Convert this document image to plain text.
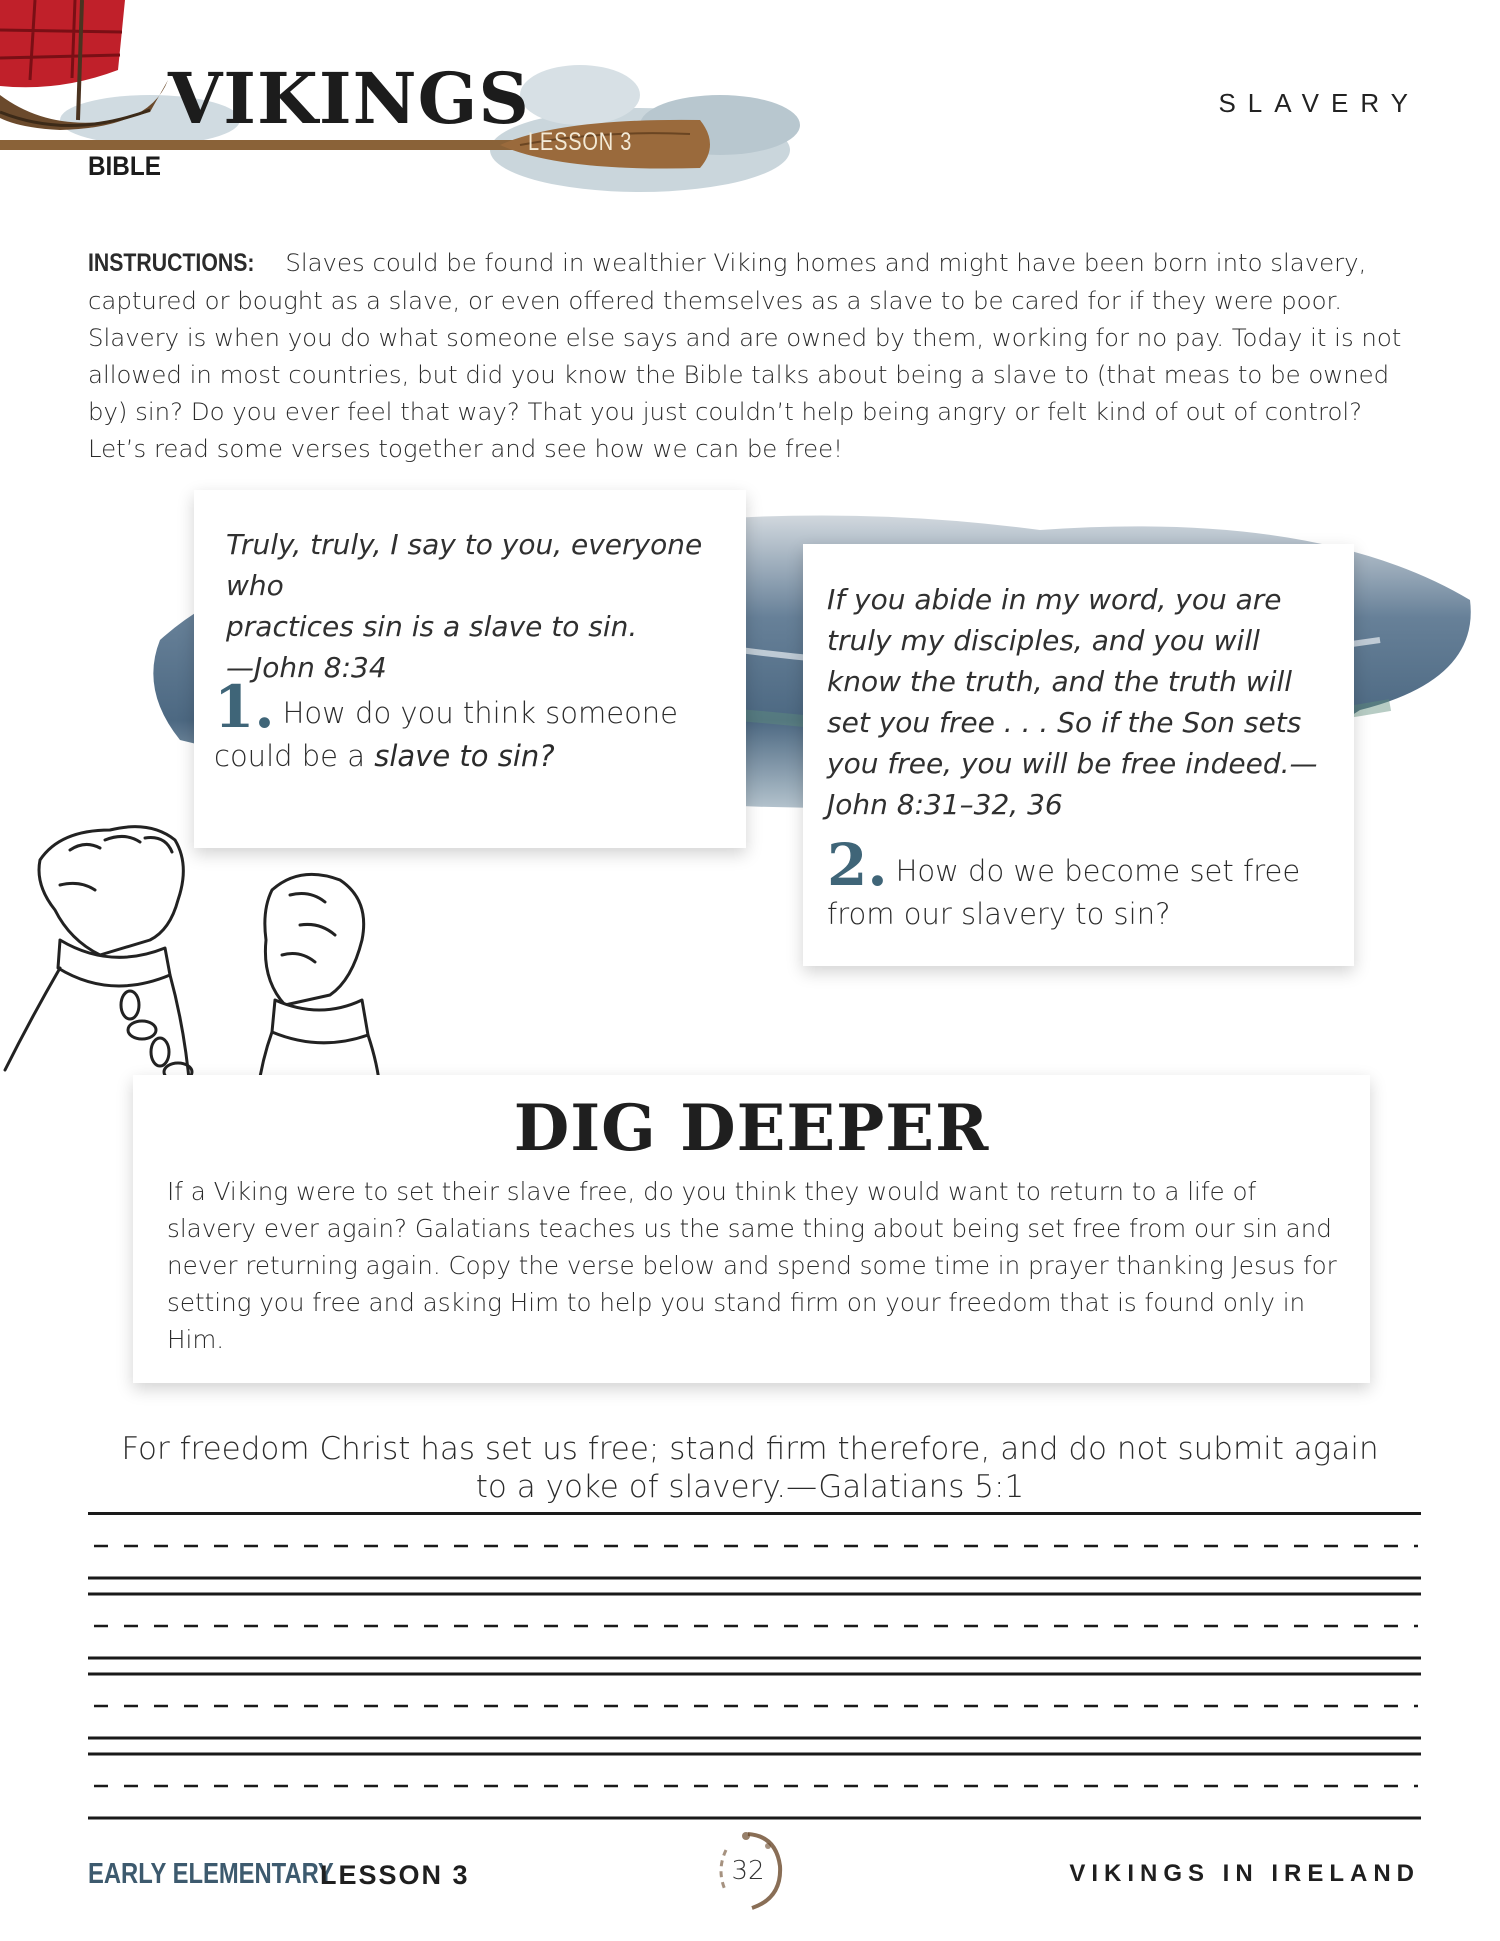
VIKINGS
BIBLE
LESSON 3
SLAVERY
INSTRUCTIONS: Slaves could be found in wealthier Viking homes and might have been born into slavery, captured or bought as a slave, or even offered themselves as a slave to be cared for if they were poor. Slavery is when you do what someone else says and are owned by them, working for no pay. Today it is not allowed in most countries, but did you know the Bible talks about being a slave to (that meas to be owned by) sin? Do you ever feel that way? That you just couldn’t help being angry or felt kind of out of control? Let’s read some verses together and see how we can be free!
Truly, truly, I say to you, everyone who
practices sin is a slave to sin.
—John 8:34
1. How do you think someone could be a slave to sin?
If you abide in my word, you are truly my disciples, and you will know the truth, and the truth will set you free . . . So if the Son sets you free, you will be free indeed.—John 8:31–32, 36
2. How do we become set free from our slavery to sin?
DIG DEEPER
If a Viking were to set their slave free, do you think they would want to return to a life of slavery ever again? Galatians teaches us the same thing about being set free from our sin and never returning again. Copy the verse below and spend some time in prayer thanking Jesus for setting you free and asking Him to help you stand firm on your freedom that is found only in Him.
For freedom Christ has set us free; stand firm therefore, and do not submit again to a yoke of slavery.—Galatians 5:1
EARLY ELEMENTARY
LESSON 3	32	VIKINGS IN IRELAND
